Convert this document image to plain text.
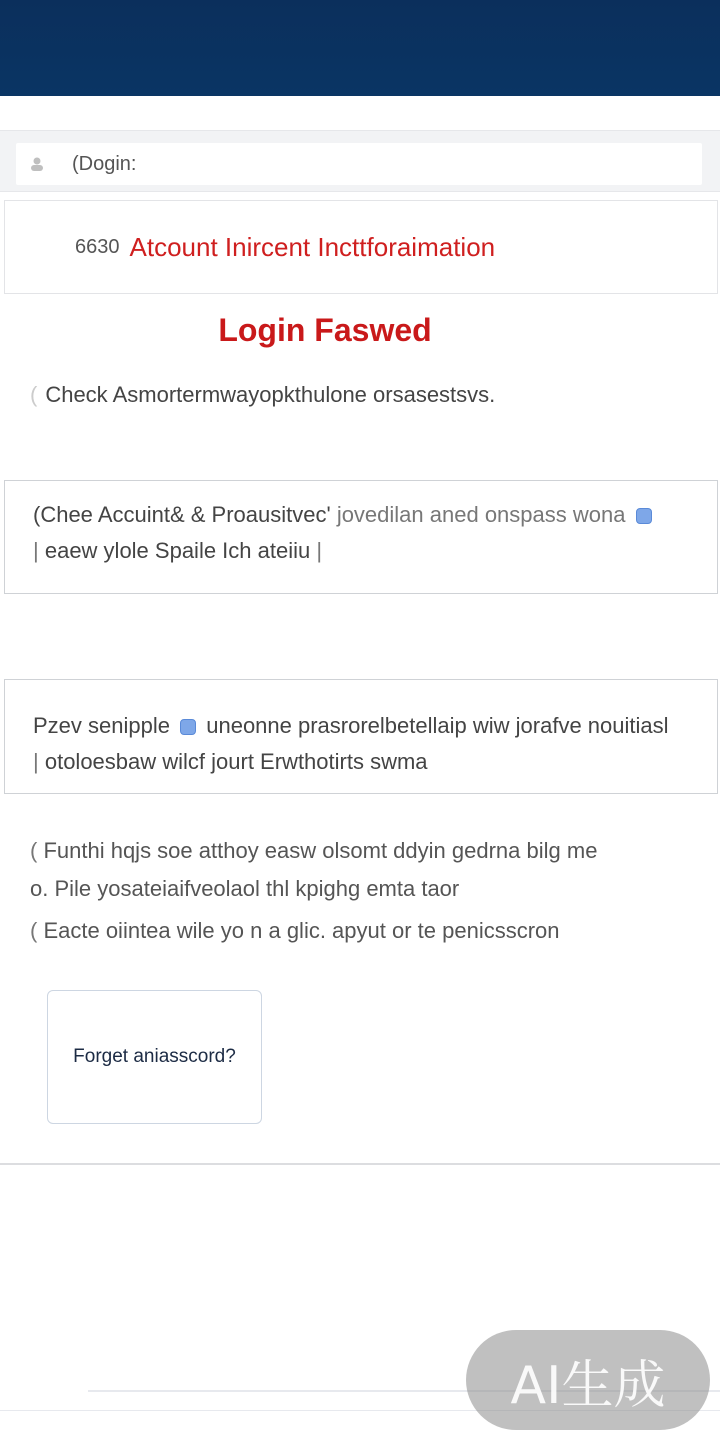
(Dogin:
6630 Atcount Inircent Incttforaimation
Login Faswed
( Check Asmortermwayopkthulone orsasestsvs.
(Chee Accuint& & Proausitvec' jovedilan aned onspass wona
| eaew ylole Spaile Ich ateiiu |
Pzev senipple uneonne prasrorelbetellaip wiw jorafve nouitiasl
| otoloesbaw wilcf jourt Erwthotirts swma
( Funthi hqjs soe atthoy easw olsomt ddyin gedrna bilg me
o. Pile yosateiaifveolaol thl kpighg emta taor
( Eacte oiintea wile yo n a glic. apyut or te penicsscron
Forget aniasscord?
AI生成
